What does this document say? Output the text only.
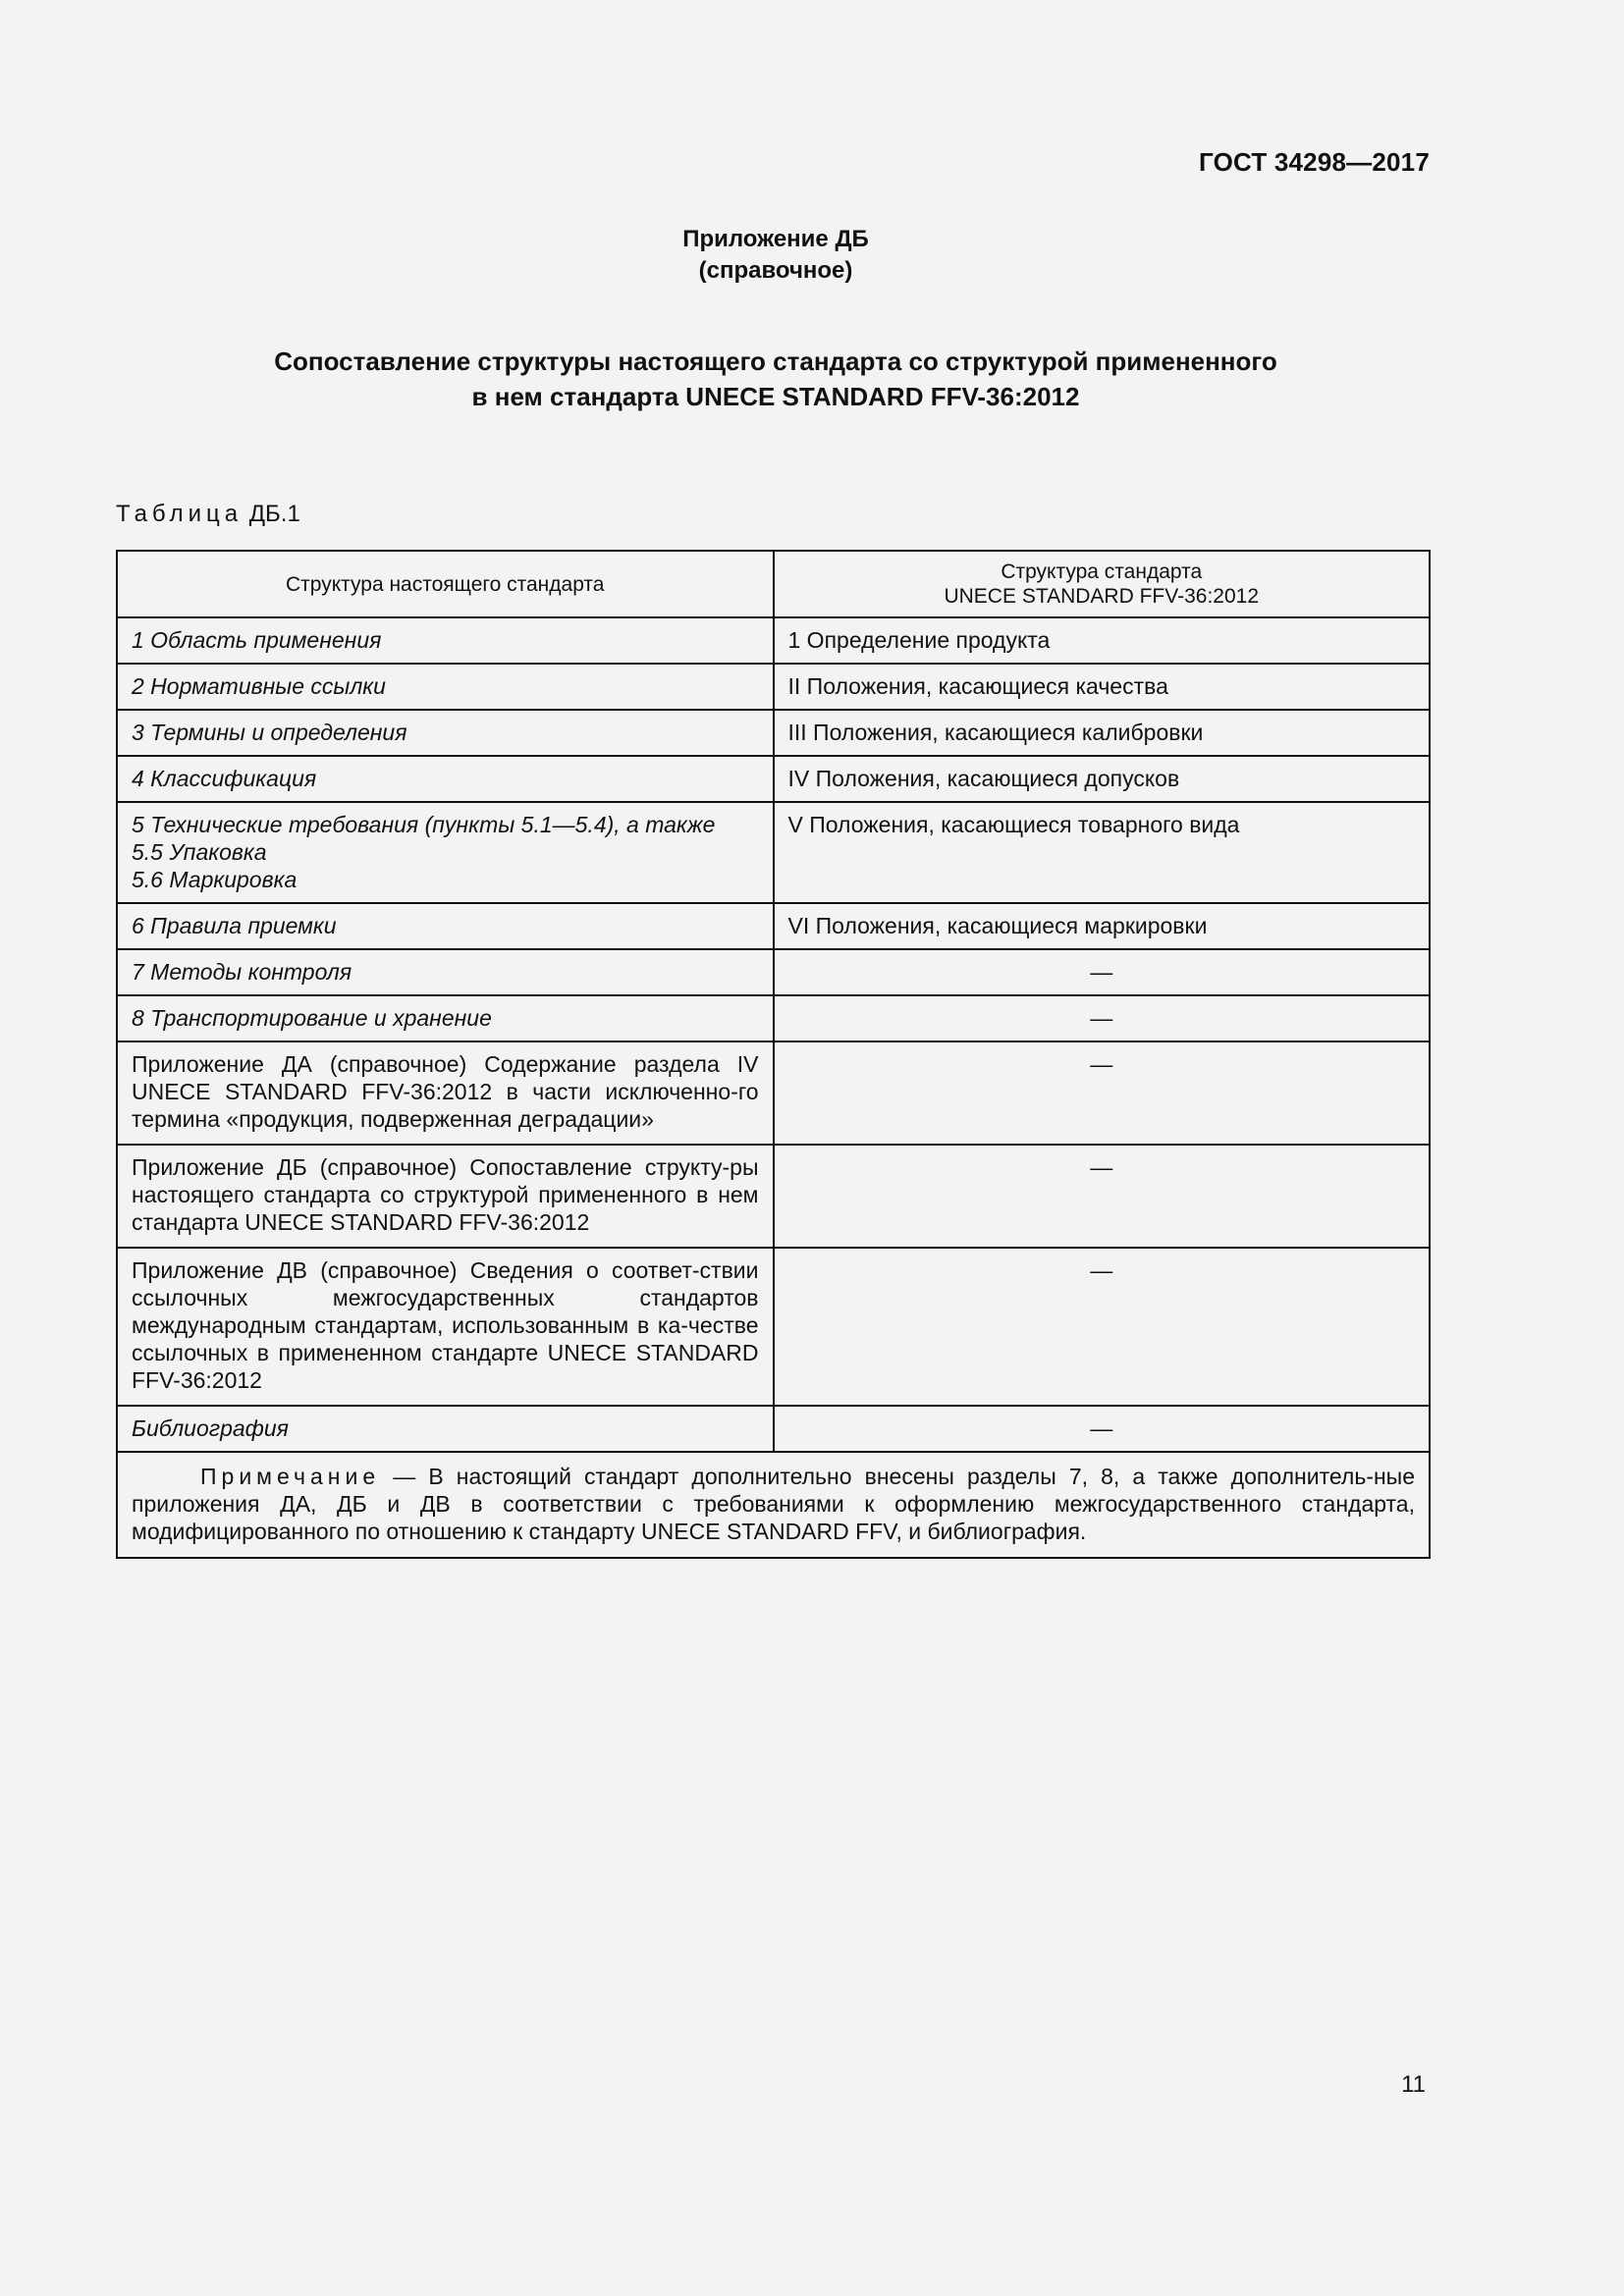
ГОСТ 34298—2017
Приложение ДБ
(справочное)
Сопоставление структуры настоящего стандарта со структурой примененного
в нем стандарта UNECE STANDARD FFV-36:2012
Таблица ДБ.1
Структура настоящего стандарта	Структура стандарта
UNECE STANDARD FFV-36:2012

1 Область применения	1 Определение продукта
2 Нормативные ссылки	II Положения, касающиеся качества
3 Термины и определения	III Положения, касающиеся калибровки
4 Классификация	IV Положения, касающиеся допусков

5 Технические требования (пункты 5.1—5.4), а также
5.5 Упаковка
5.6 Маркировка	V Положения, касающиеся товарного вида
6 Правила приемки	VI Положения, касающиеся маркировки
7 Методы контроля	—
8 Транспортирование и хранение	—
Приложение ДА (справочное) Содержание раздела IV UNECE STANDARD FFV-36:2012 в части исключенно-го термина «продукция, подверженная деградации»	—
Приложение ДБ (справочное) Сопоставление структу-ры настоящего стандарта со структурой примененного в нем стандарта UNECE STANDARD FFV-36:2012	—
Приложение ДВ (справочное) Сведения о соответ-ствии ссылочных межгосударственных стандартов международным стандартам, использованным в ка-честве ссылочных в примененном стандарте UNECE STANDARD FFV-36:2012	—
Библиография	—
Примечание — В настоящий стандарт дополнительно внесены разделы 7, 8, а также дополнитель-ные приложения ДА, ДБ и ДВ в соответствии с требованиями к оформлению межгосударственного стандарта, модифицированного по отношению к стандарту UNECE STANDARD FFV, и библиография.	
11
